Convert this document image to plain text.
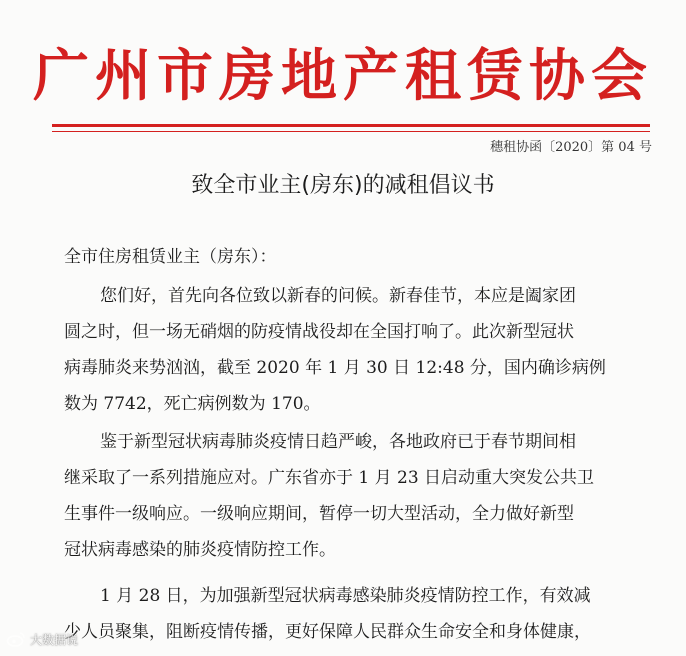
广州市房地产租赁协会
穗租协函〔2020〕第 04 号
致全市业主(房东)的减租倡议书
全市住房租赁业主（房东）：
您们好，首先向各位致以新春的问候。新春佳节，本应是阖家团
圆之时，但一场无硝烟的防疫情战役却在全国打响了。此次新型冠状
病毒肺炎来势汹汹，截至 2020 年 1 月 30 日 12:48 分，国内确诊病例
数为 7742，死亡病例数为 170。
鉴于新型冠状病毒肺炎疫情日趋严峻，各地政府已于春节期间相
继采取了一系列措施应对。广东省亦于 1 月 23 日启动重大突发公共卫
生事件一级响应。一级响应期间，暂停一切大型活动，全力做好新型
冠状病毒感染的肺炎疫情防控工作。
1 月 28 日，为加强新型冠状病毒感染肺炎疫情防控工作，有效减
少人员聚集，阻断疫情传播，更好保障人民群众生命安全和身体健康，
大数据说
